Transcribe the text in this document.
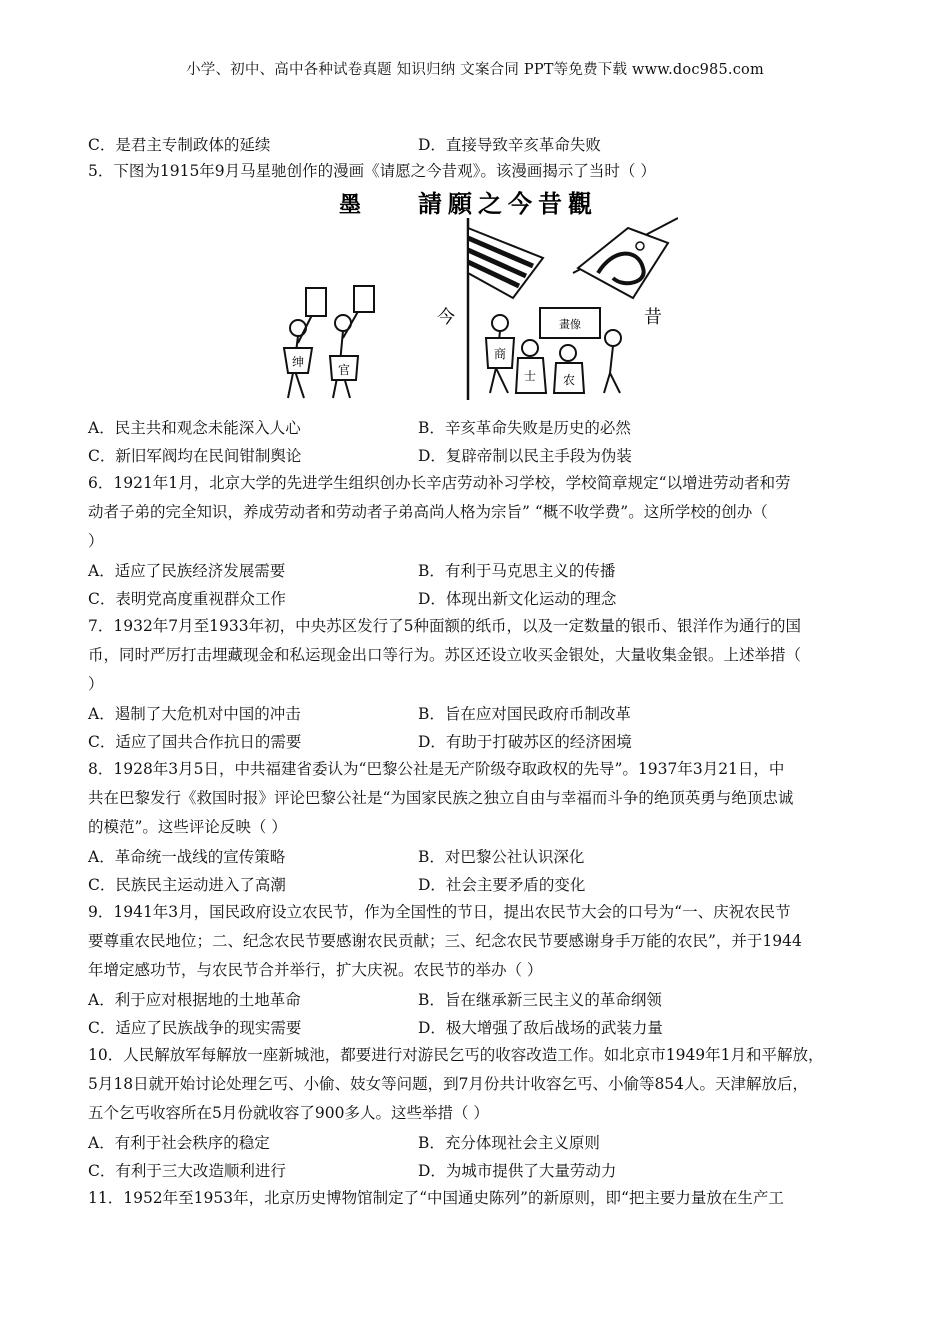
小学、初中、高中各种试卷真题 知识归纳 文案合同 PPT等免费下载 www.doc985.com
C．是君主专制政体的延续	D．直接导致辛亥革命失败
5．下图为1915年9月马星驰创作的漫画《请愿之今昔观》。该漫画揭示了当时（ ）
請願之今昔觀
墨
今	昔
绅
官
商
士
畫像
农
A．民主共和观念未能深入人心	B．辛亥革命失败是历史的必然
C．新旧军阀均在民间钳制舆论	D．复辟帝制以民主手段为伪装
6．1921年1月，北京大学的先进学生组织创办长辛店劳动补习学校，学校简章规定“以增进劳动者和劳
动者子弟的完全知识，养成劳动者和劳动者子弟高尚人格为宗旨” “概不收学费”。这所学校的创办（
）
A．适应了民族经济发展需要	B．有利于马克思主义的传播
C．表明党高度重视群众工作	D．体现出新文化运动的理念
7．1932年7月至1933年初，中央苏区发行了5种面额的纸币，以及一定数量的银币、银洋作为通行的国
币，同时严厉打击埋藏现金和私运现金出口等行为。苏区还设立收买金银处，大量收集金银。上述举措（
）
A．遏制了大危机对中国的冲击	B．旨在应对国民政府币制改革
C．适应了国共合作抗日的需要	D．有助于打破苏区的经济困境
8．1928年3月5日，中共福建省委认为“巴黎公社是无产阶级夺取政权的先导”。1937年3月21日，中
共在巴黎发行《救国时报》评论巴黎公社是“为国家民族之独立自由与幸福而斗争的绝顶英勇与绝顶忠诚
的模范”。这些评论反映（ ）
A．革命统一战线的宣传策略	B．对巴黎公社认识深化
C．民族民主运动进入了高潮	D．社会主要矛盾的变化
9．1941年3月，国民政府设立农民节，作为全国性的节日，提出农民节大会的口号为“一、庆祝农民节
要尊重农民地位；二、纪念农民节要感谢农民贡献；三、纪念农民节要感谢身手万能的农民”，并于1944
年增定感功节，与农民节合并举行，扩大庆祝。农民节的举办（ ）
A．利于应对根据地的土地革命	B．旨在继承新三民主义的革命纲领
C．适应了民族战争的现实需要	D．极大增强了敌后战场的武装力量
10．人民解放军每解放一座新城池，都要进行对游民乞丐的收容改造工作。如北京市1949年1月和平解放，
5月18日就开始讨论处理乞丐、小偷、妓女等问题，到7月份共计收容乞丐、小偷等854人。天津解放后，
五个乞丐收容所在5月份就收容了900多人。这些举措（ ）
A．有利于社会秩序的稳定	B．充分体现社会主义原则
C．有利于三大改造顺利进行	D．为城市提供了大量劳动力
11．1952年至1953年，北京历史博物馆制定了“中国通史陈列”的新原则，即“把主要力量放在生产工
